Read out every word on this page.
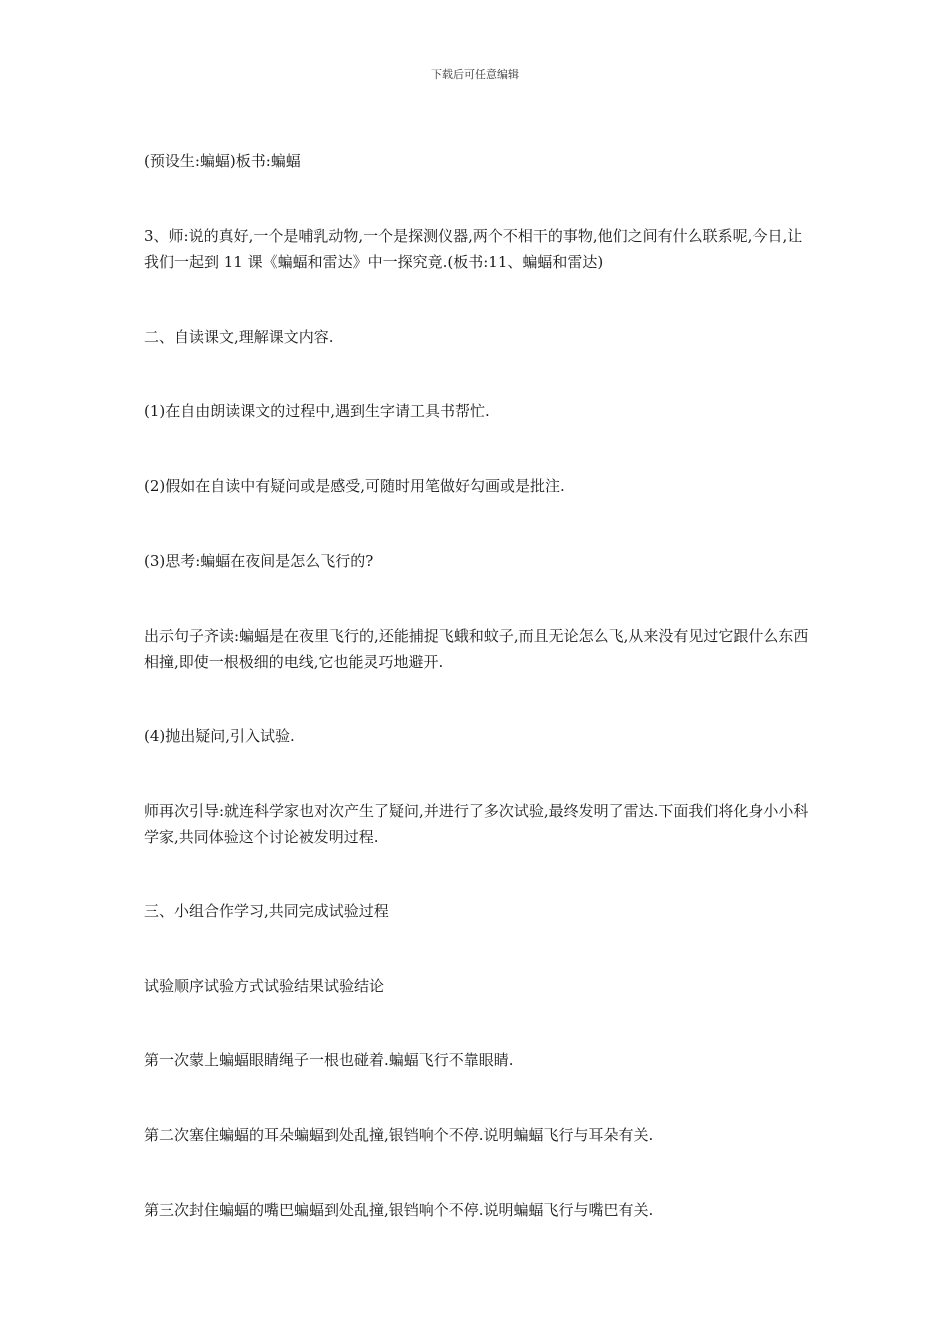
下载后可任意编辑

(预设生:蝙蝠)板书:蝙蝠

3、师:说的真好,一个是哺乳动物,一个是探测仪器,两个不相干的事物,他们之间有什么联系呢,今日,让我们一起到 11 课《蝙蝠和雷达》中一探究竟.(板书:11、蝙蝠和雷达)

二、自读课文,理解课文内容.

(1)在自由朗读课文的过程中,遇到生字请工具书帮忙.

(2)假如在自读中有疑问或是感受,可随时用笔做好勾画或是批注.

(3)思考:蝙蝠在夜间是怎么飞行的?

出示句子齐读:蝙蝠是在夜里飞行的,还能捕捉飞蛾和蚊子,而且无论怎么飞,从来没有见过它跟什么东西相撞,即使一根极细的电线,它也能灵巧地避开.

(4)抛出疑问,引入试验.

师再次引导:就连科学家也对次产生了疑问,并进行了多次试验,最终发明了雷达.下面我们将化身小小科学家,共同体验这个讨论被发明过程.

三、小组合作学习,共同完成试验过程

试验顺序试验方式试验结果试验结论

第一次蒙上蝙蝠眼睛绳子一根也碰着.蝙蝠飞行不靠眼睛.

第二次塞住蝙蝠的耳朵蝙蝠到处乱撞,银铛响个不停.说明蝙蝠飞行与耳朵有关.

第三次封住蝙蝠的嘴巴蝙蝠到处乱撞,银铛响个不停.说明蝙蝠飞行与嘴巴有关.
